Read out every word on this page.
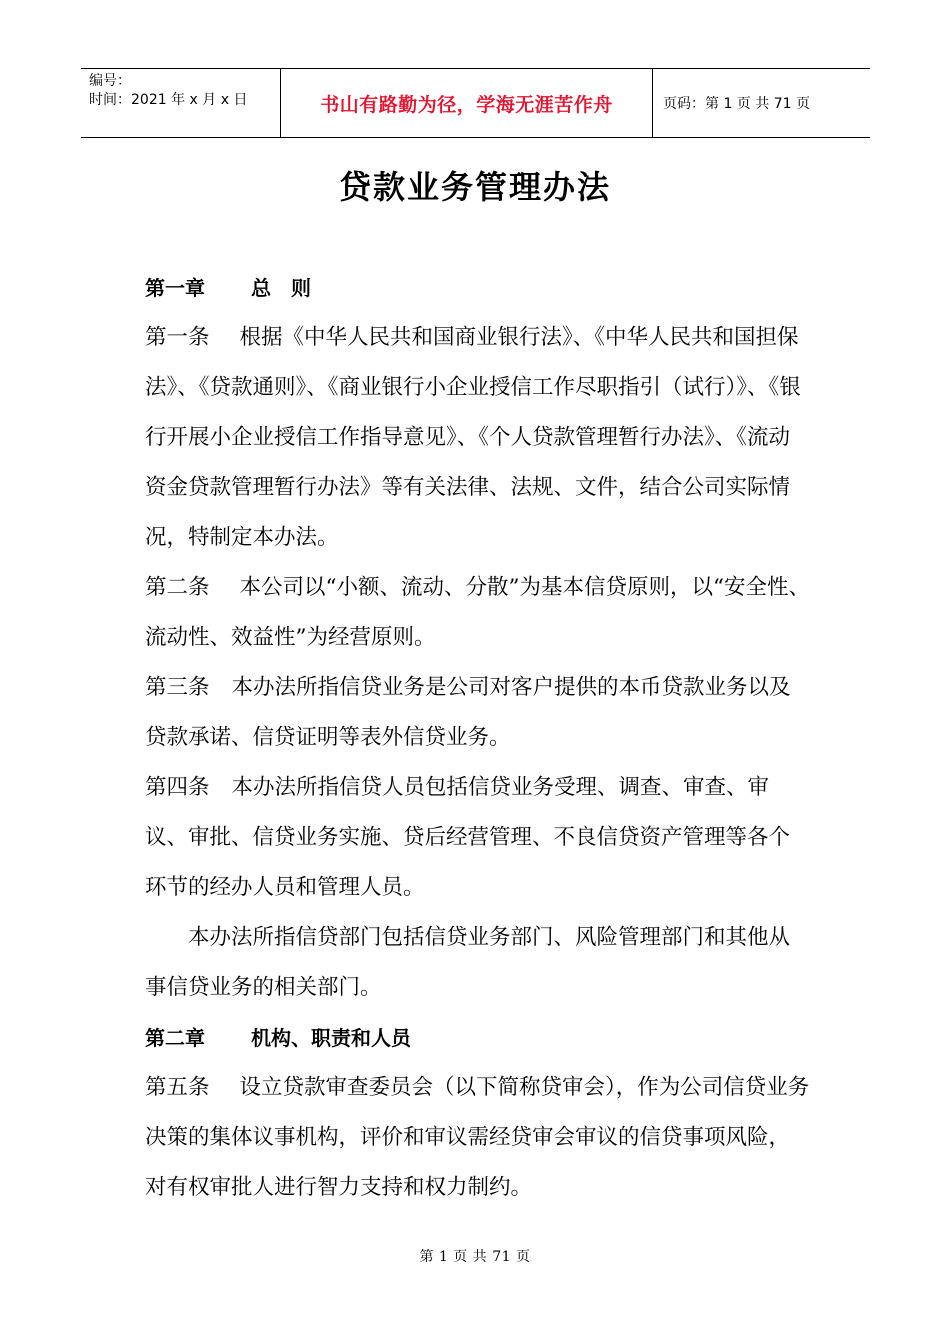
编号：
时间：2021 年 x 月 x 日	书山有路勤为径，学海无涯苦作舟	页码：第 1 页 共 71 页
贷款业务管理办法

第一章 总　则

第一条 根据《中华人民共和国商业银行法》、《中华人民共和国担保法》、《贷款通则》、《商业银行小企业授信工作尽职指引（试行）》、《银行开展小企业授信工作指导意见》、《个人贷款管理暂行办法》、《流动资金贷款管理暂行办法》等有关法律、法规、文件，结合公司实际情况，特制定本办法。

第二条 本公司以“小额、流动、分散”为基本信贷原则，以“安全性、流动性、效益性”为经营原则。

第三条 本办法所指信贷业务是公司对客户提供的本币贷款业务以及贷款承诺、信贷证明等表外信贷业务。

第四条 本办法所指信贷人员包括信贷业务受理、调查、审查、审议、审批、信贷业务实施、贷后经营管理、不良信贷资产管理等各个环节的经办人员和管理人员。

本办法所指信贷部门包括信贷业务部门、风险管理部门和其他从事信贷业务的相关部门。

第二章 机构、职责和人员

第五条 设立贷款审查委员会（以下简称贷审会），作为公司信贷业务决策的集体议事机构，评价和审议需经贷审会审议的信贷事项风险，对有权审批人进行智力支持和权力制约。

第 1 页 共 71 页
